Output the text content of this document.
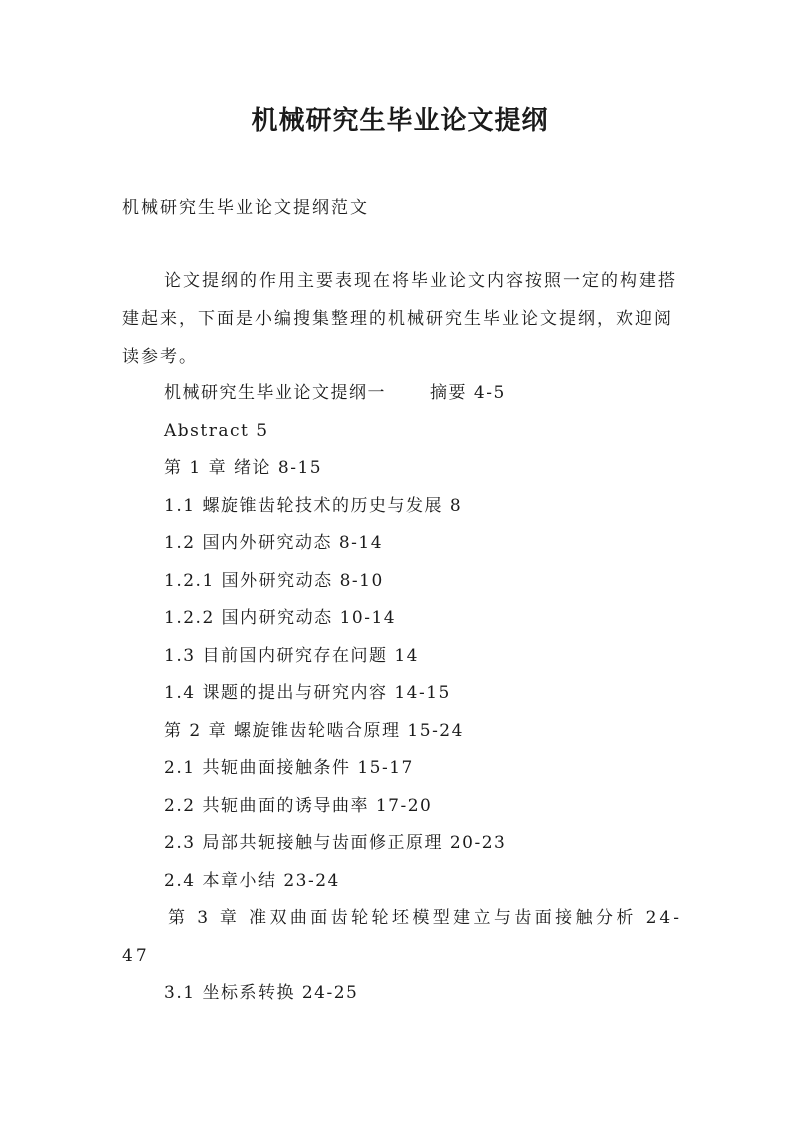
机械研究生毕业论文提纲
机械研究生毕业论文提纲范文

论文提纲的作用主要表现在将毕业论文内容按照一定的构建搭建起来，下面是小编搜集整理的机械研究生毕业论文提纲，欢迎阅读参考。

机械研究生毕业论文提纲一	摘要 4-5
Abstract 5
第 1 章 绪论 8-15
1.1 螺旋锥齿轮技术的历史与发展 8
1.2 国内外研究动态 8-14
1.2.1 国外研究动态 8-10
1.2.2 国内研究动态 10-14
1.3 目前国内研究存在问题 14
1.4 课题的提出与研究内容 14-15
第 2 章 螺旋锥齿轮啮合原理 15-24
2.1 共轭曲面接触条件 15-17
2.2 共轭曲面的诱导曲率 17-20
2.3 局部共轭接触与齿面修正原理 20-23
2.4 本章小结 23-24
第 3 章 准双曲面齿轮轮坯模型建立与齿面接触分析 24-47
3.1 坐标系转换 24-25
